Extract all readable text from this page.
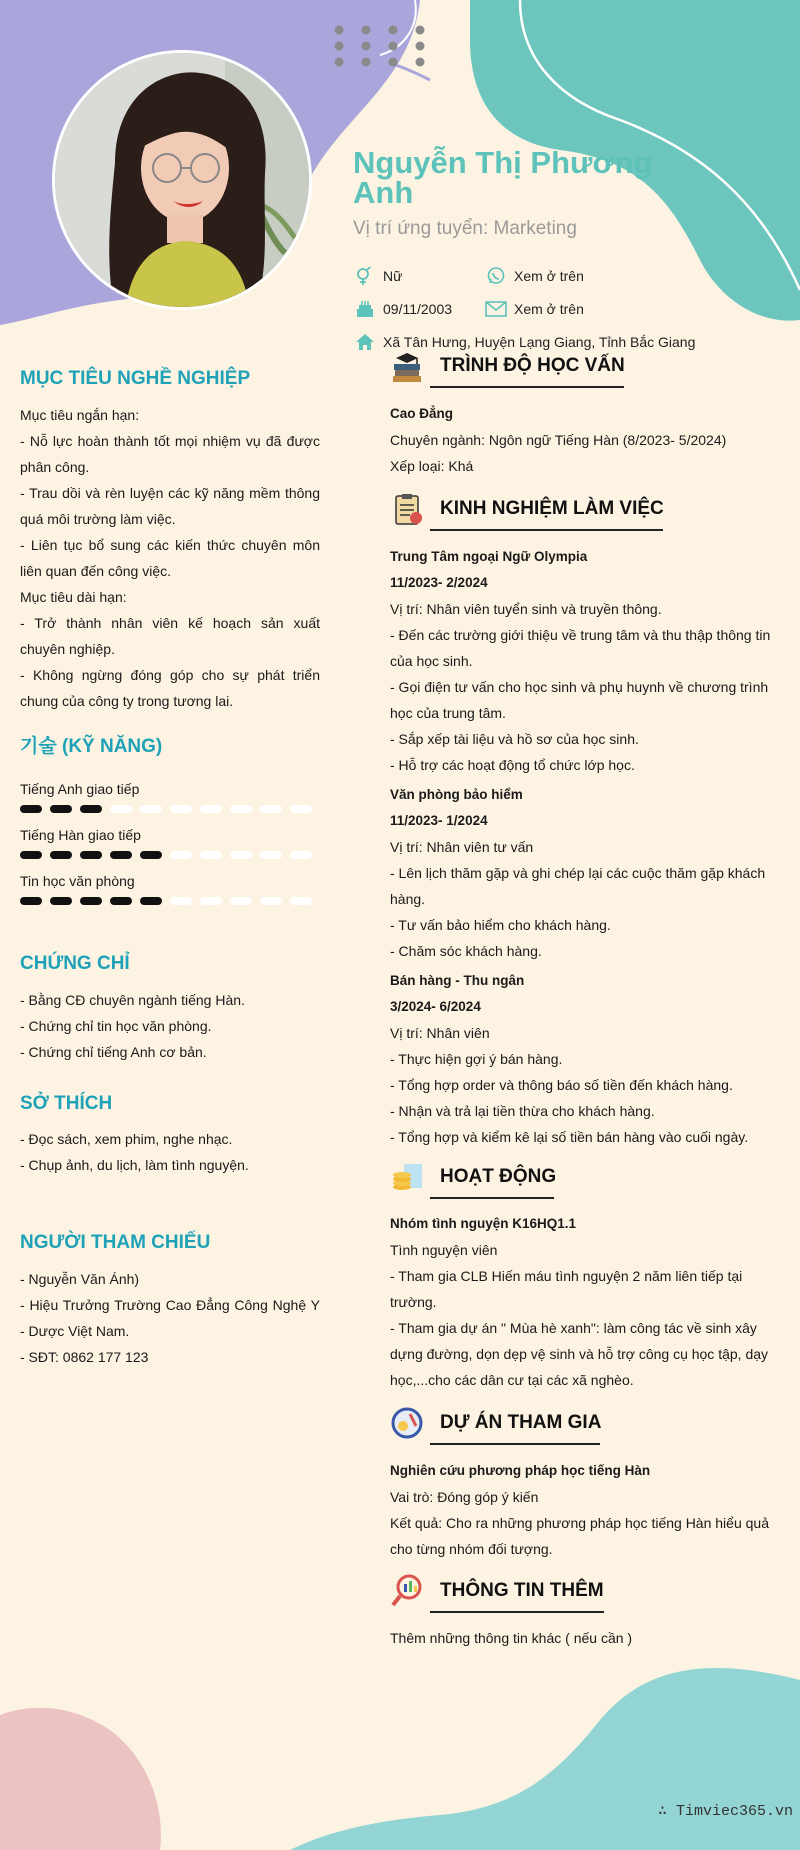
Nguyễn Thị Phương Anh
Vị trí ứng tuyển: Marketing
Nữ	Xem ở trên
09/11/2003	Xem ở trên
Xã Tân Hưng, Huyện Lạng Giang, Tỉnh Bắc Giang
MỤC TIÊU NGHỀ NGHIỆP
Mục tiêu ngắn hạn:
- Nỗ lực hoàn thành tốt mọi nhiệm vụ đã được phân công.
- Trau dồi và rèn luyện các kỹ năng mềm thông quá môi trường làm việc.
- Liên tục bổ sung các kiến thức chuyên môn liên quan đến công việc.
Mục tiêu dài hạn:
- Trở thành nhân viên kế hoạch sản xuất chuyên nghiệp.
- Không ngừng đóng góp cho sự phát triển chung của công ty trong tương lai.
기술 (KỸ NĂNG)
Tiếng Anh giao tiếp
Tiếng Hàn giao tiếp
Tin học văn phòng
CHỨNG CHỈ
- Bằng CĐ chuyên ngành tiếng Hàn.
- Chứng chỉ tin học văn phòng.
- Chứng chỉ tiếng Anh cơ bản.
SỞ THÍCH
- Đọc sách, xem phim, nghe nhạc.
- Chụp ảnh, du lịch, làm tình nguyện.
NGƯỜI THAM CHIẾU
- Nguyễn Văn Ánh)
- Hiệu Trưởng Trường Cao Đẳng Công Nghệ Y - Dược Việt Nam.
- SĐT: 0862 177 123
TRÌNH ĐỘ HỌC VẤN
Cao Đẳng
Chuyên ngành: Ngôn ngữ Tiếng Hàn (8/2023- 5/2024)
Xếp loại: Khá
KINH NGHIỆM LÀM VIỆC
Trung Tâm ngoại Ngữ Olympia
11/2023- 2/2024
Vị trí: Nhân viên tuyển sinh và truyền thông.
- Đến các trường giới thiệu về trung tâm và thu thập thông tin của học sinh.
- Gọi điện tư vấn cho học sinh và phụ huynh về chương trình học của trung tâm.
- Sắp xếp tài liệu và hồ sơ của học sinh.
- Hỗ trợ các hoạt động tổ chức lớp học.
Văn phòng bảo hiểm
11/2023- 1/2024
Vị trí: Nhân viên tư vấn
- Lên lịch thăm gặp và ghi chép lại các cuộc thăm gặp khách hàng.
- Tư vấn bảo hiểm cho khách hàng.
- Chăm sóc khách hàng.
Bán hàng - Thu ngân
3/2024- 6/2024
Vị trí: Nhân viên
- Thực hiện gợi ý bán hàng.
- Tổng hợp order và thông báo số tiền đến khách hàng.
- Nhận và trả lại tiền thừa cho khách hàng.
- Tổng hợp và kiểm kê lại số tiền bán hàng vào cuối ngày.
HOẠT ĐỘNG
Nhóm tình nguyện K16HQ1.1
Tình nguyện viên
- Tham gia CLB Hiến máu tình nguyện 2 năm liên tiếp tại trường.
- Tham gia dự án " Mùa hè xanh": làm công tác về sinh xây dựng đường, dọn dẹp vệ sinh và hỗ trợ công cụ học tập, dạy học,...cho các dân cư tại các xã nghèo.
DỰ ÁN THAM GIA
Nghiên cứu phương pháp học tiếng Hàn
Vai trò: Đóng góp ý kiến
Kết quả: Cho ra những phương pháp học tiếng Hàn hiểu quả cho từng nhóm đối tượng.
THÔNG TIN THÊM
Thêm những thông tin khác ( nếu cần )
∴ Timviec365.vn
